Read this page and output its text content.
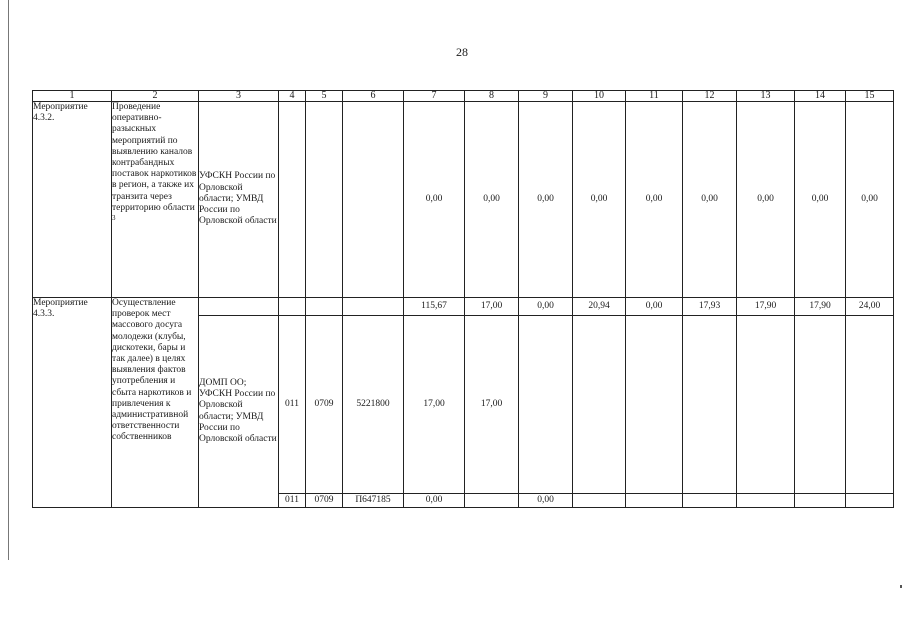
28
1	2	3	4	5	6	7	8	9	10	11	12	13	14	15
Мероприятие 4.3.2.	Проведение оперативно-разыскных мероприятий по выявлению каналов контрабандных поставок наркотиков в регион, а также их транзита через территорию области $^3$	УФСКН России по Орловской области; УМВД России по Орловской области				0,00	0,00	0,00	0,00	0,00	0,00	0,00	0,00	0,00
Мероприятие 4.3.3.	Осуществление проверок мест массового досуга молодежи (клубы, дискотеки, бары и так далее) в целях выявления фактов употребления и сбыта наркотиков и привлечения к административной ответственности собственников					115,67	17,00	0,00	20,94	0,00	17,93	17,90	17,90	24,00
		ДОМП ОО; УФСКН России по Орловской области; УМВД России по Орловской области	011	0709	5221800	17,00	17,00							
			011	0709	П647185	0,00		0,00						
